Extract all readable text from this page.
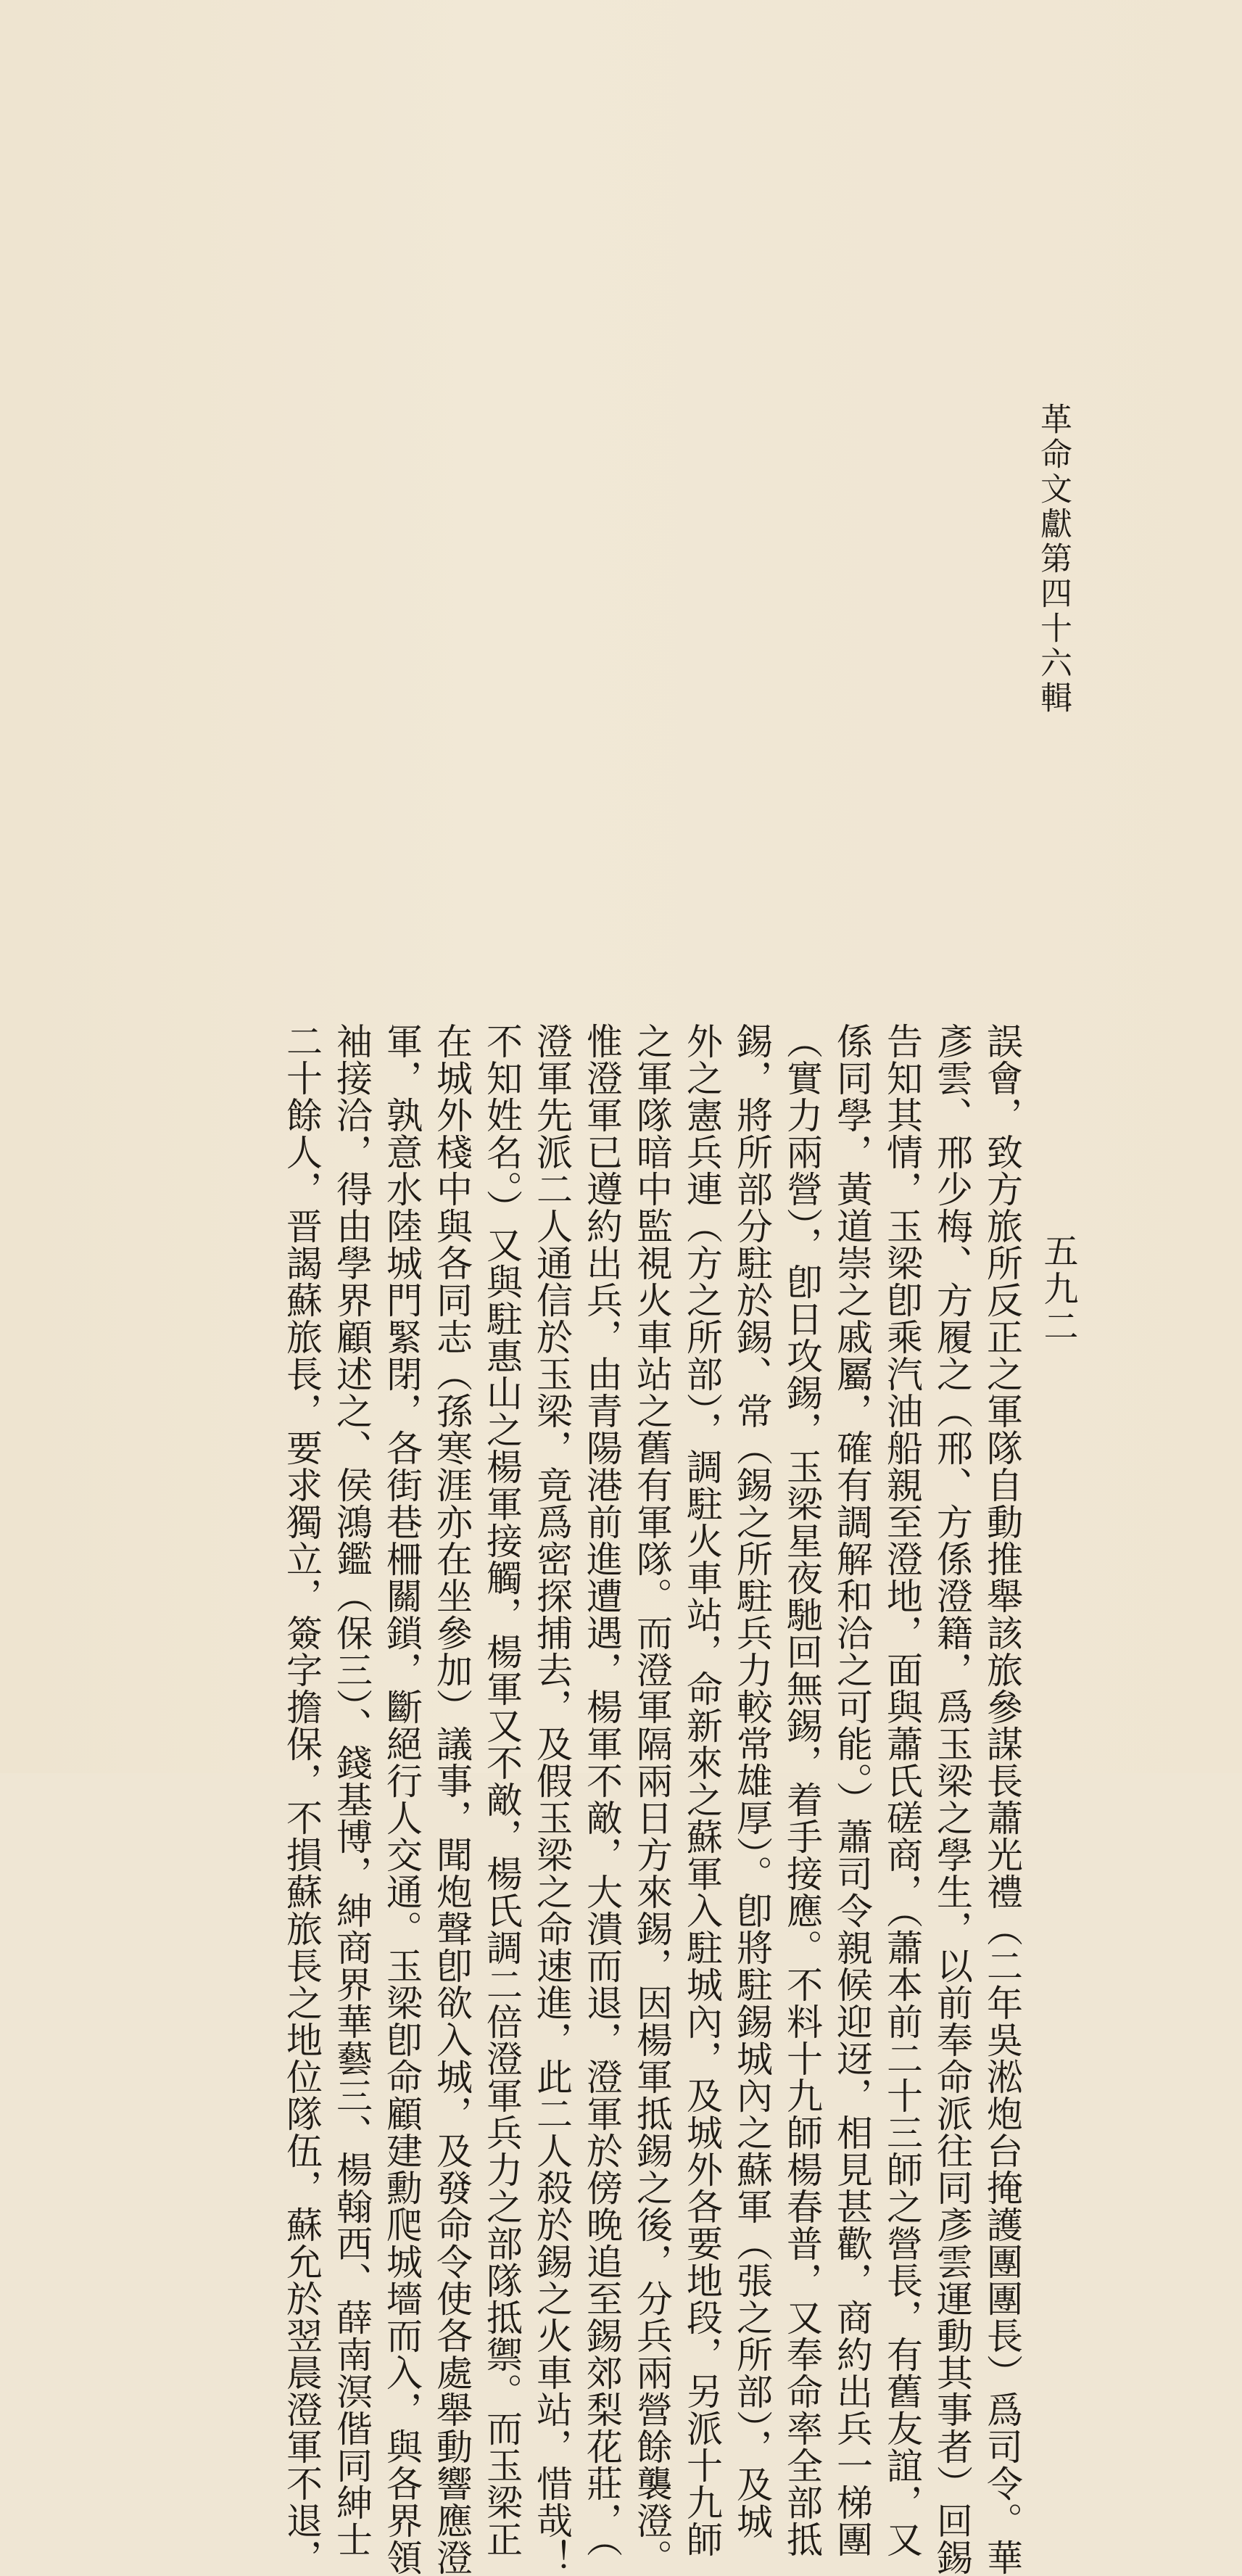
革命文獻第四十六輯
五九二
誤會，致方旅所反正之軍隊自動推舉該旅參謀長蕭光禮（二年吳淞炮台掩護團團長）爲司令。華
彥雲、邢少梅、方履之（邢、方係澄籍，爲玉梁之學生，以前奉命派往同彥雲運動其事者）回錫
告知其情，玉梁卽乘汽油船親至澄地，面與蕭氏磋商，（蕭本前二十三師之營長，有舊友誼，又
係同學，黃道崇之戚屬，確有調解和洽之可能。）蕭司令親候迎迓，相見甚歡，商約出兵一梯團
（實力兩營），卽日攻錫，玉梁星夜馳回無錫，着手接應。不料十九師楊春普，又奉命率全部抵
錫，將所部分駐於錫、常（錫之所駐兵力較常雄厚）。卽將駐錫城內之蘇軍（張之所部），及城
外之憲兵連（方之所部），調駐火車站，命新來之蘇軍入駐城內，及城外各要地段，另派十九師
之軍隊暗中監視火車站之舊有軍隊。而澄軍隔兩日方來錫，因楊軍抵錫之後，分兵兩營餘襲澄。
惟澄軍已遵約出兵，由青陽港前進遭遇，楊軍不敵，大潰而退，澄軍於傍晚追至錫郊梨花莊，（
澄軍先派二人通信於玉梁，竟爲密探捕去，及假玉梁之命速進，此二人殺於錫之火車站，惜哉！
不知姓名。）又與駐惠山之楊軍接觸，楊軍又不敵，楊氏調二倍澄軍兵力之部隊抵禦。而玉梁正
在城外棧中與各同志（孫寒涯亦在坐參加）議事，聞炮聲卽欲入城，及發命令使各處舉動響應澄
軍，孰意水陸城門緊閉，各街巷柵關鎖，斷絕行人交通。玉梁卽命顧建勳爬城墻而入，與各界領
袖接洽，得由學界顧述之、侯鴻鑑（保三）、錢基博，紳商界華藝三、楊翰西、薛南溟偕同紳士
二十餘人，晋謁蘇旅長，要求獨立，簽字擔保，不損蘇旅長之地位隊伍，蘇允於翌晨澄軍不退，
